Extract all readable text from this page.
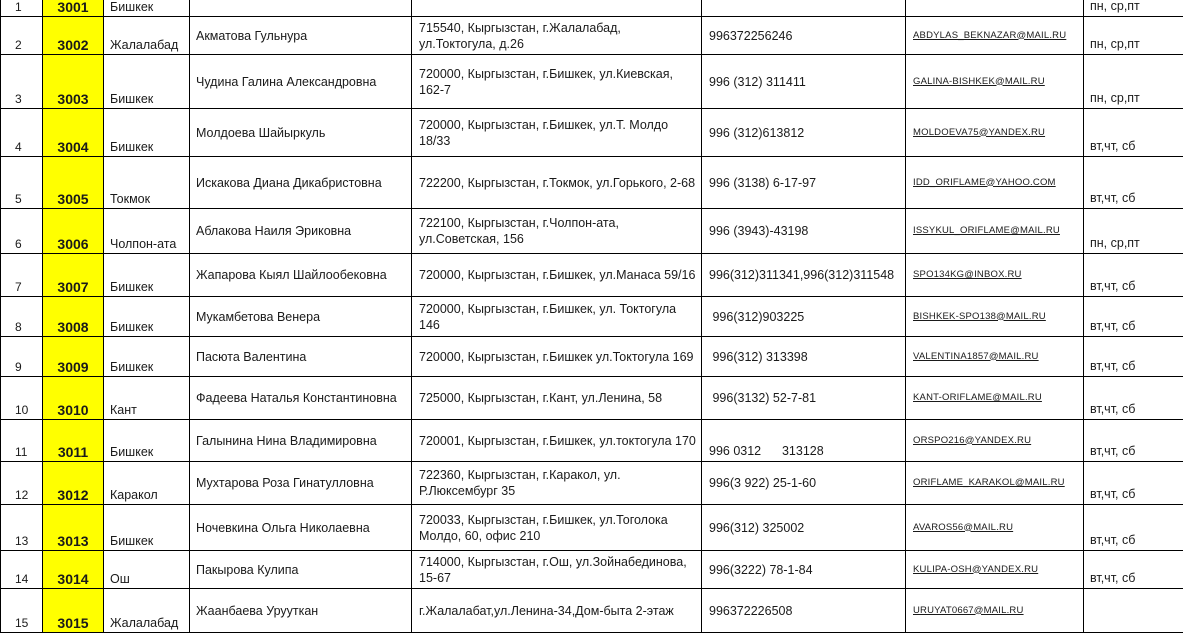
1	3001	Бишкек					пн, ср,пт
2	3002	Жалалабад	Акматова Гульнура	715540, Кыргызстан, г.Жалалабад, ул.Токтогула, д.26	996372256246	ABDYLAS_BEKNAZAR@MAIL.RU	пн, ср,пт
3	3003	Бишкек	Чудина Галина Александровна	720000, Кыргызстан, г.Бишкек, ул.Киевская, 162-7	996 (312) 311411	GALINA-BISHKEK@MAIL.RU	пн, ср,пт
4	3004	Бишкек	Молдоева Шайыркуль	720000, Кыргызстан, г.Бишкек, ул.Т. Молдо 18/33	996 (312)613812	MOLDOEVA75@YANDEX.RU	вт,чт, сб
5	3005	Токмок	Искакова Диана Дикабристовна	722200, Кыргызстан, г.Токмок, ул.Горького, 2-68	996 (3138) 6-17-97	IDD_ORIFLAME@YAHOO.COM	вт,чт, сб
6	3006	Чолпон-ата	Аблакова Наиля Эриковна	722100, Кыргызстан, г.Чолпон-ата, ул.Советская, 156	996 (3943)-43198	ISSYKUL_ORIFLAME@MAIL.RU	пн, ср,пт
7	3007	Бишкек	Жапарова Кыял Шайлообековна	720000, Кыргызстан, г.Бишкек, ул.Манаса 59/16	996(312)311341,996(312)311548	SPO134KG@INBOX.RU	вт,чт, сб
8	3008	Бишкек	Мукамбетова Венера	720000, Кыргызстан, г.Бишкек, ул. Токтогула 146	996(312)903225	BISHKEK-SPO138@MAIL.RU	вт,чт, сб
9	3009	Бишкек	Пасюта Валентина	720000, Кыргызстан, г.Бишкек ул.Токтогула 169	996(312) 313398	VALENTINA1857@MAIL.RU	вт,чт, сб
10	3010	Кант	Фадеева Наталья Константиновна	725000, Кыргызстан, г.Кант, ул.Ленина, 58	996(3132) 52-7-81	KANT-ORIFLAME@MAIL.RU	вт,чт, сб
11	3011	Бишкек	Галынина Нина Владимировна	720001, Кыргызстан, г.Бишкек, ул.токтогула 170	996 0312      313128	ORSPO216@YANDEX.RU	вт,чт, сб
12	3012	Каракол	Мухтарова Роза Гинатулловна	722360, Кыргызстан, г.Каракол, ул. Р.Люксембург 35	996(3 922) 25-1-60	ORIFLAME_KARAKOL@MAIL.RU	вт,чт, сб
13	3013	Бишкек	Ночевкина Ольга Николаевна	720033, Кыргызстан, г.Бишкек, ул.Тоголока Молдо, 60, офис 210	996(312) 325002	AVAROS56@MAIL.RU	вт,чт, сб
14	3014	Ош	Пакырова Кулипа	714000, Кыргызстан, г.Ош, ул.Зойнабединова, 15-67	996(3222) 78-1-84	KULIPA-OSH@YANDEX.RU	вт,чт, сб
15	3015	Жалалабад	Жаанбаева Урууткан	г.Жалалабат,ул.Ленина-34,Дом-быта 2-этаж	996372226508	URUYAT0667@MAIL.RU	
